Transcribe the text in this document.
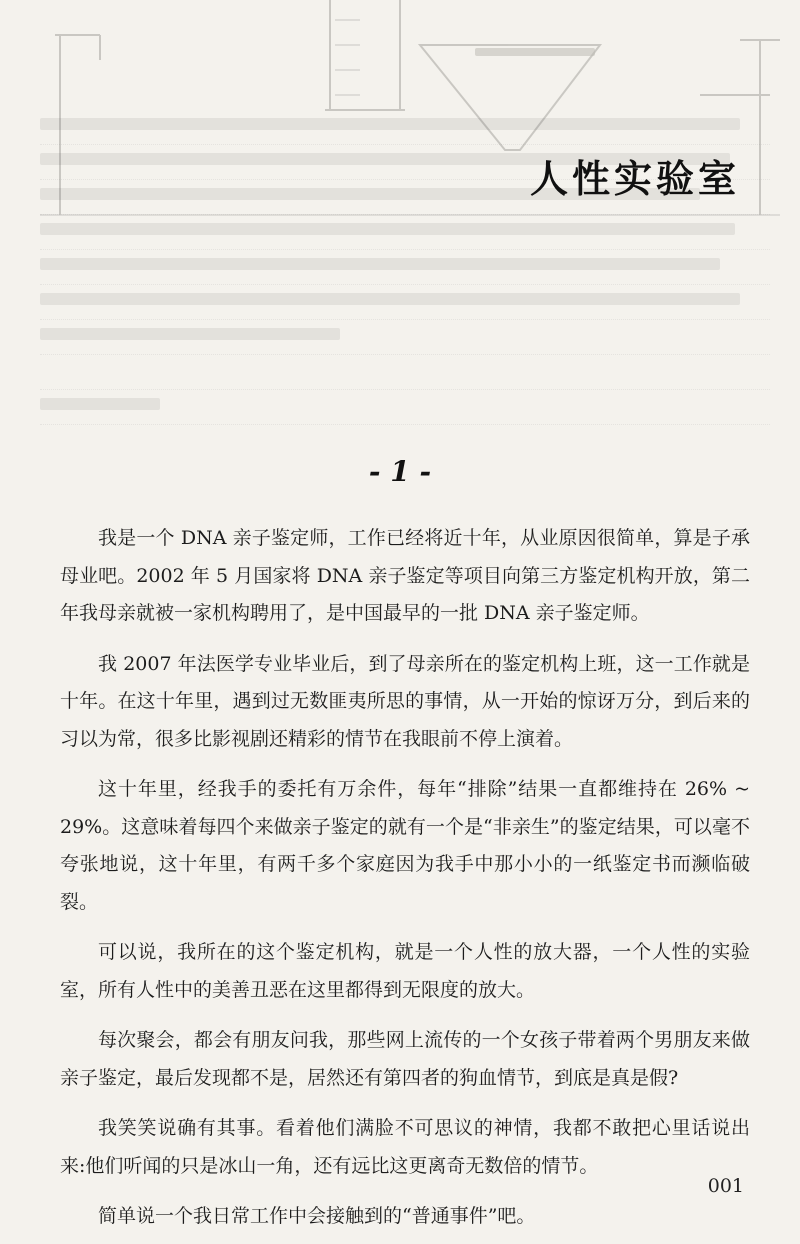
人性实验室
- 1 -

我是一个 DNA 亲子鉴定师，工作已经将近十年，从业原因很简单，算是子承母业吧。2002 年 5 月国家将 DNA 亲子鉴定等项目向第三方鉴定机构开放，第二年我母亲就被一家机构聘用了，是中国最早的一批 DNA 亲子鉴定师。

我 2007 年法医学专业毕业后，到了母亲所在的鉴定机构上班，这一工作就是十年。在这十年里，遇到过无数匪夷所思的事情，从一开始的惊讶万分，到后来的习以为常，很多比影视剧还精彩的情节在我眼前不停上演着。

这十年里，经我手的委托有万余件，每年“排除”结果一直都维持在 26% ~ 29%。这意味着每四个来做亲子鉴定的就有一个是“非亲生”的鉴定结果，可以毫不夸张地说，这十年里，有两千多个家庭因为我手中那小小的一纸鉴定书而濒临破裂。

可以说，我所在的这个鉴定机构，就是一个人性的放大器，一个人性的实验室，所有人性中的美善丑恶在这里都得到无限度的放大。

每次聚会，都会有朋友问我，那些网上流传的一个女孩子带着两个男朋友来做亲子鉴定，最后发现都不是，居然还有第四者的狗血情节，到底是真是假?

我笑笑说确有其事。看着他们满脸不可思议的神情，我都不敢把心里话说出来:他们听闻的只是冰山一角，还有远比这更离奇无数倍的情节。

简单说一个我日常工作中会接触到的“普通事件”吧。

001
